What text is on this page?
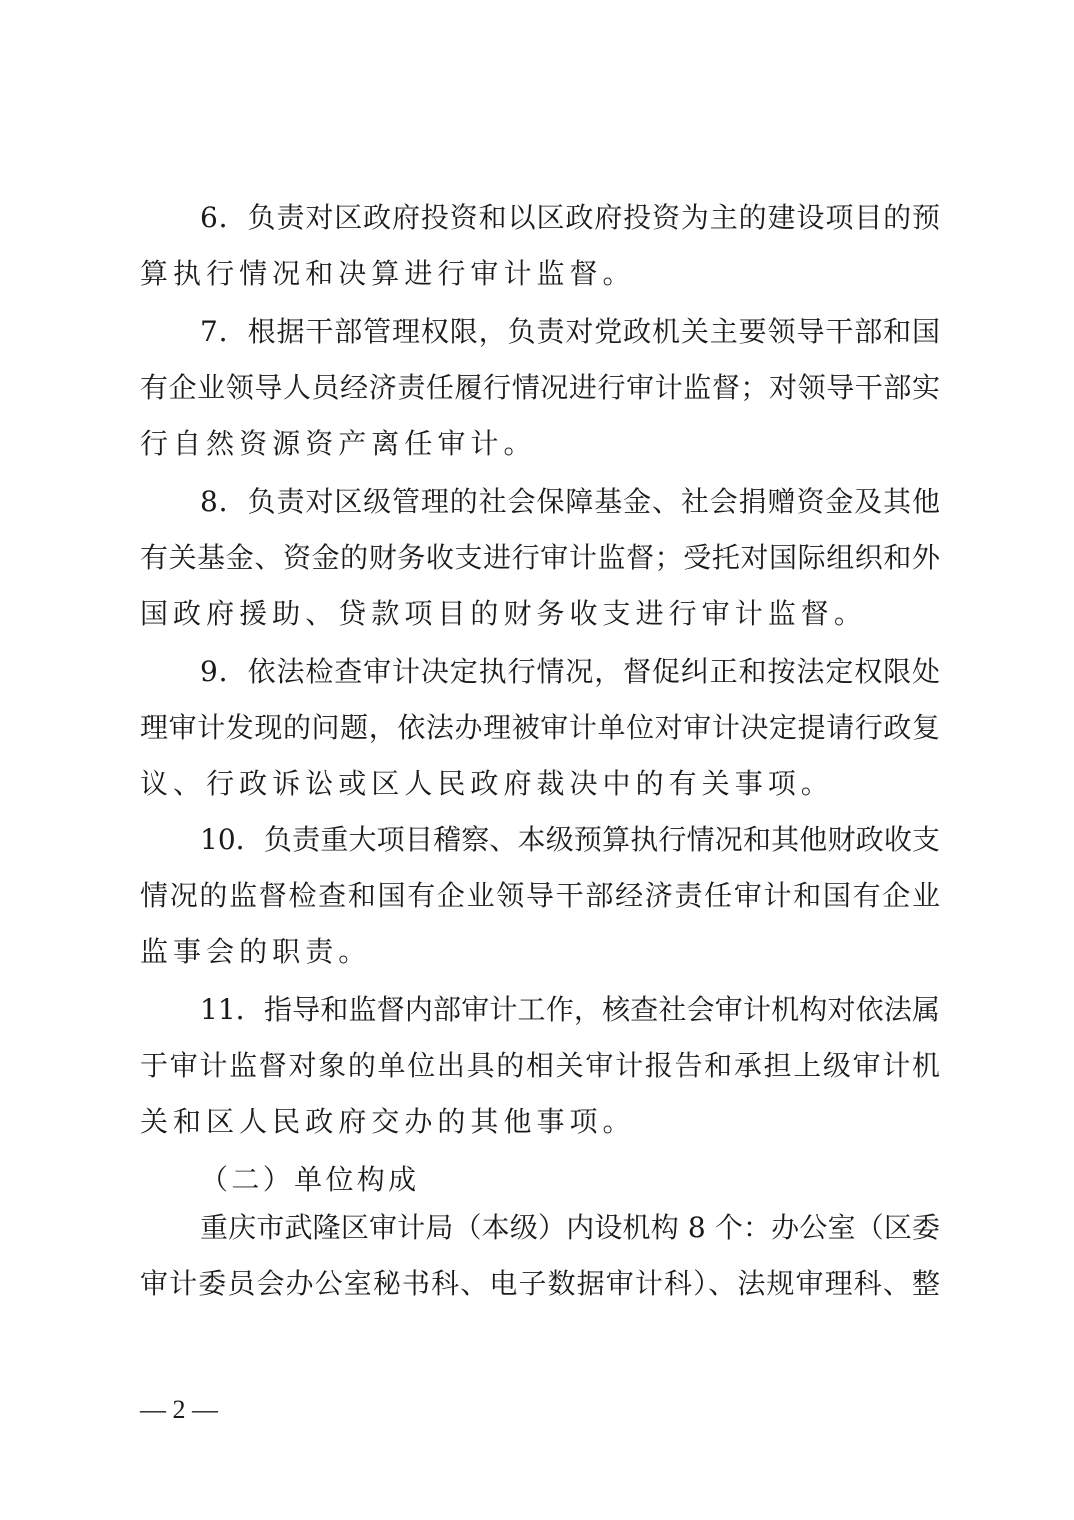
6．负责对区政府投资和以区政府投资为主的建设项目的预
算执行情况和决算进行审计监督。
7．根据干部管理权限，负责对党政机关主要领导干部和国
有企业领导人员经济责任履行情况进行审计监督；对领导干部实
行自然资源资产离任审计。
8．负责对区级管理的社会保障基金、社会捐赠资金及其他
有关基金、资金的财务收支进行审计监督；受托对国际组织和外
国政府援助、贷款项目的财务收支进行审计监督。
9．依法检查审计决定执行情况，督促纠正和按法定权限处
理审计发现的问题，依法办理被审计单位对审计决定提请行政复
议、行政诉讼或区人民政府裁决中的有关事项。
10．负责重大项目稽察、本级预算执行情况和其他财政收支
情况的监督检查和国有企业领导干部经济责任审计和国有企业
监事会的职责。
11．指导和监督内部审计工作，核查社会审计机构对依法属
于审计监督对象的单位出具的相关审计报告和承担上级审计机
关和区人民政府交办的其他事项。
（二）单位构成
重庆市武隆区审计局（本级）内设机构 8 个：办公室（区委
审计委员会办公室秘书科、电子数据审计科）、法规审理科、整
— 2 —
